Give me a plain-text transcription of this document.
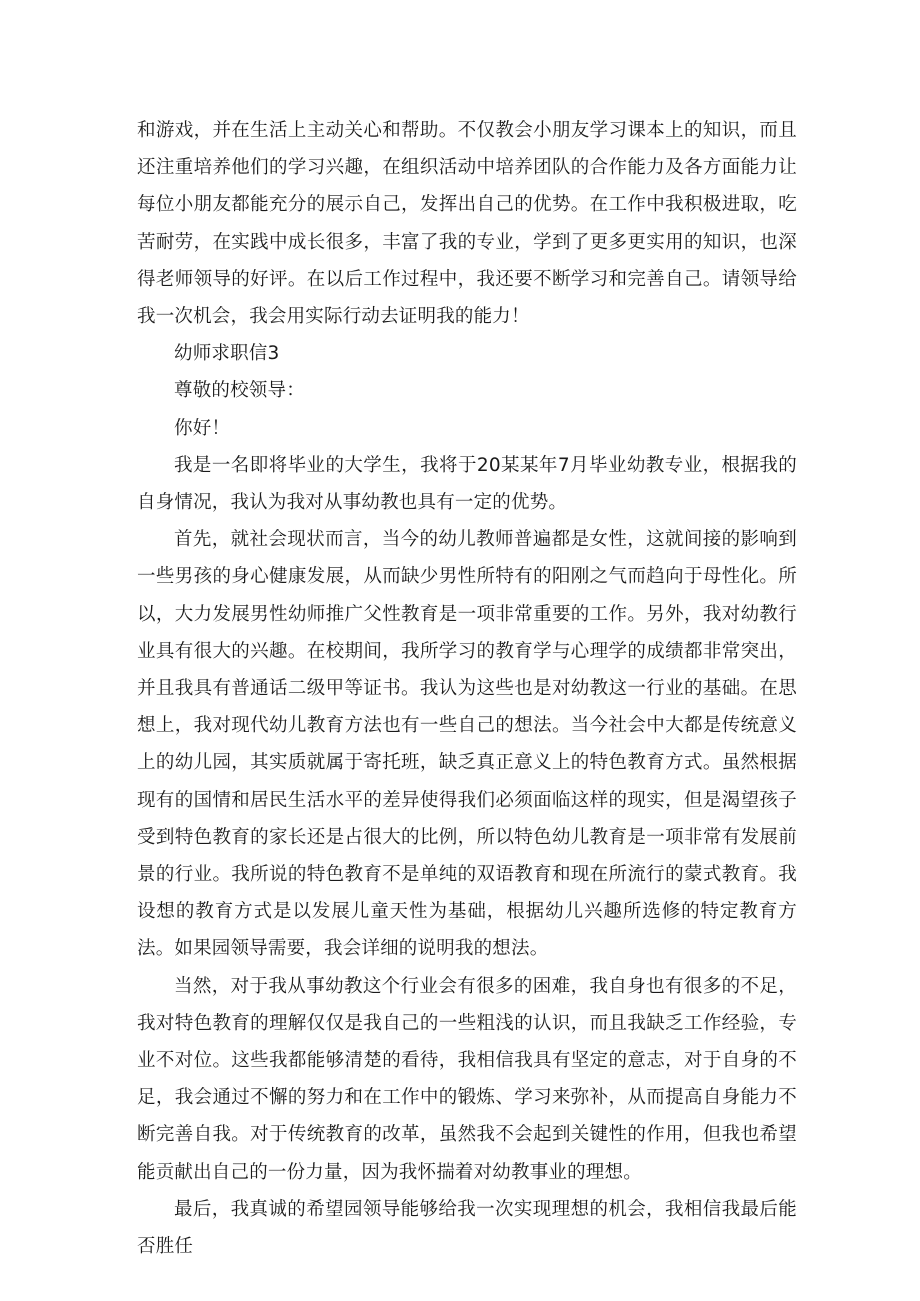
和游戏，并在生活上主动关心和帮助。不仅教会小朋友学习课本上的知识，而且还注重培养他们的学习兴趣，在组织活动中培养团队的合作能力及各方面能力让每位小朋友都能充分的展示自己，发挥出自己的优势。在工作中我积极进取，吃苦耐劳，在实践中成长很多，丰富了我的专业，学到了更多更实用的知识，也深得老师领导的好评。在以后工作过程中，我还要不断学习和完善自己。请领导给我一次机会，我会用实际行动去证明我的能力！

幼师求职信3

尊敬的校领导：

你好！

我是一名即将毕业的大学生，我将于20某某年7月毕业幼教专业，根据我的自身情况，我认为我对从事幼教也具有一定的优势。

首先，就社会现状而言，当今的幼儿教师普遍都是女性，这就间接的影响到一些男孩的身心健康发展，从而缺少男性所特有的阳刚之气而趋向于母性化。所以，大力发展男性幼师推广父性教育是一项非常重要的工作。另外，我对幼教行业具有很大的兴趣。在校期间，我所学习的教育学与心理学的成绩都非常突出，并且我具有普通话二级甲等证书。我认为这些也是对幼教这一行业的基础。在思想上，我对现代幼儿教育方法也有一些自己的想法。当今社会中大都是传统意义上的幼儿园，其实质就属于寄托班，缺乏真正意义上的特色教育方式。虽然根据现有的国情和居民生活水平的差异使得我们必须面临这样的现实，但是渴望孩子受到特色教育的家长还是占很大的比例，所以特色幼儿教育是一项非常有发展前景的行业。我所说的特色教育不是单纯的双语教育和现在所流行的蒙式教育。我设想的教育方式是以发展儿童天性为基础，根据幼儿兴趣所选修的特定教育方法。如果园领导需要，我会详细的说明我的想法。

当然，对于我从事幼教这个行业会有很多的困难，我自身也有很多的不足，我对特色教育的理解仅仅是我自己的一些粗浅的认识，而且我缺乏工作经验，专业不对位。这些我都能够清楚的看待，我相信我具有坚定的意志，对于自身的不足，我会通过不懈的努力和在工作中的锻炼、学习来弥补，从而提高自身能力不断完善自我。对于传统教育的改革，虽然我不会起到关键性的作用，但我也希望能贡献出自己的一份力量，因为我怀揣着对幼教事业的理想。

最后，我真诚的希望园领导能够给我一次实现理想的机会，我相信我最后能否胜任
